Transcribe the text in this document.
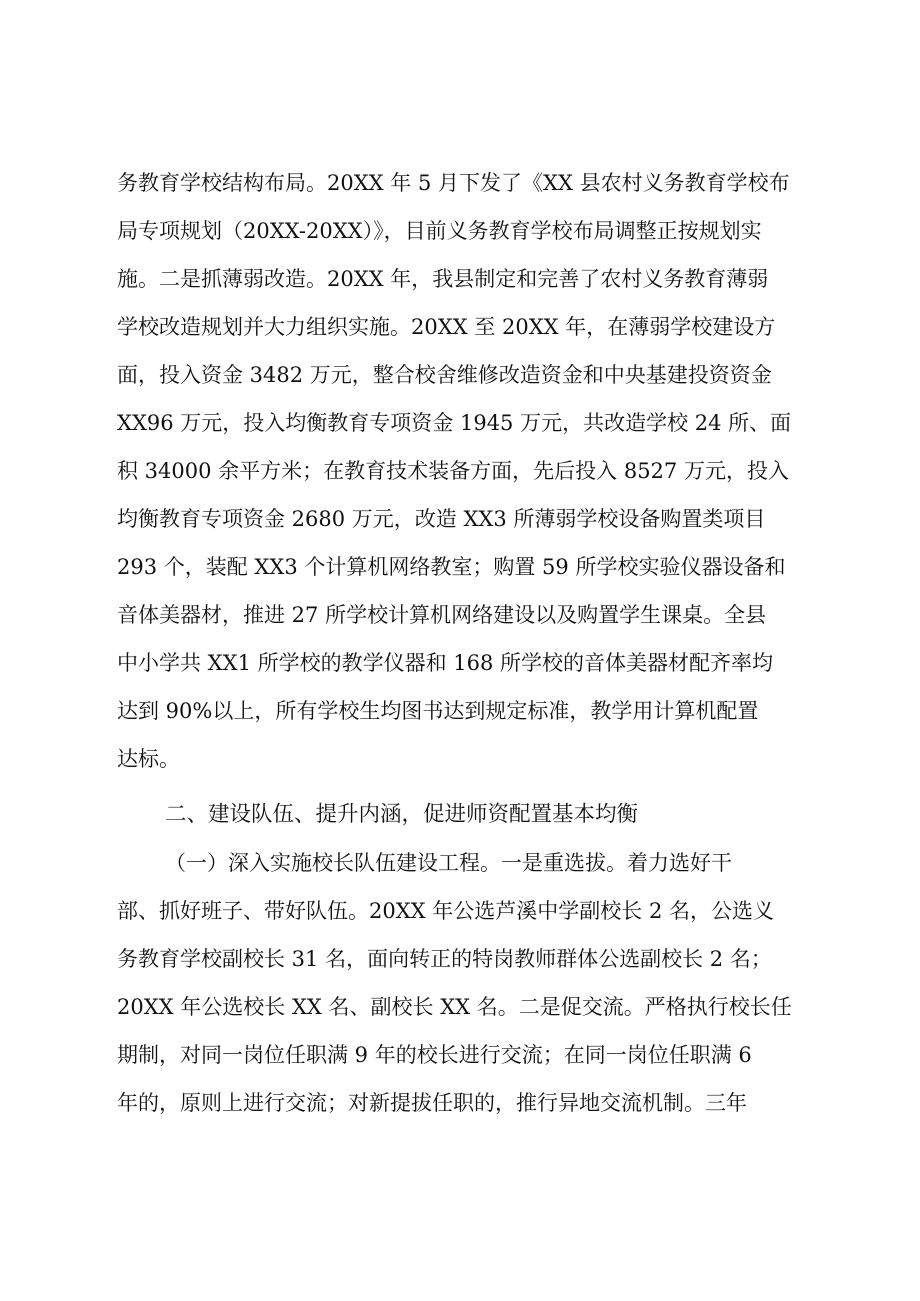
务教育学校结构布局。20XX 年 5 月下发了《XX 县农村义务教育学校布
局专项规划（20XX-20XX）》，目前义务教育学校布局调整正按规划实
施。二是抓薄弱改造。20XX 年，我县制定和完善了农村义务教育薄弱
学校改造规划并大力组织实施。20XX 至 20XX 年，在薄弱学校建设方
面，投入资金 3482 万元，整合校舍维修改造资金和中央基建投资资金
XX96 万元，投入均衡教育专项资金 1945 万元，共改造学校 24 所、面
积 34000 余平方米；在教育技术装备方面，先后投入 8527 万元，投入
均衡教育专项资金 2680 万元，改造 XX3 所薄弱学校设备购置类项目
293 个，装配 XX3 个计算机网络教室；购置 59 所学校实验仪器设备和
音体美器材，推进 27 所学校计算机网络建设以及购置学生课桌。全县
中小学共 XX1 所学校的教学仪器和 168 所学校的音体美器材配齐率均
达到 90%以上，所有学校生均图书达到规定标准，教学用计算机配置
达标。
二、建设队伍、提升内涵，促进师资配置基本均衡
（一）深入实施校长队伍建设工程。一是重选拔。着力选好干
部、抓好班子、带好队伍。20XX 年公选芦溪中学副校长 2 名，公选义
务教育学校副校长 31 名，面向转正的特岗教师群体公选副校长 2 名；
20XX 年公选校长 XX 名、副校长 XX 名。二是促交流。严格执行校长任
期制，对同一岗位任职满 9 年的校长进行交流；在同一岗位任职满 6
年的，原则上进行交流；对新提拔任职的，推行异地交流机制。三年
